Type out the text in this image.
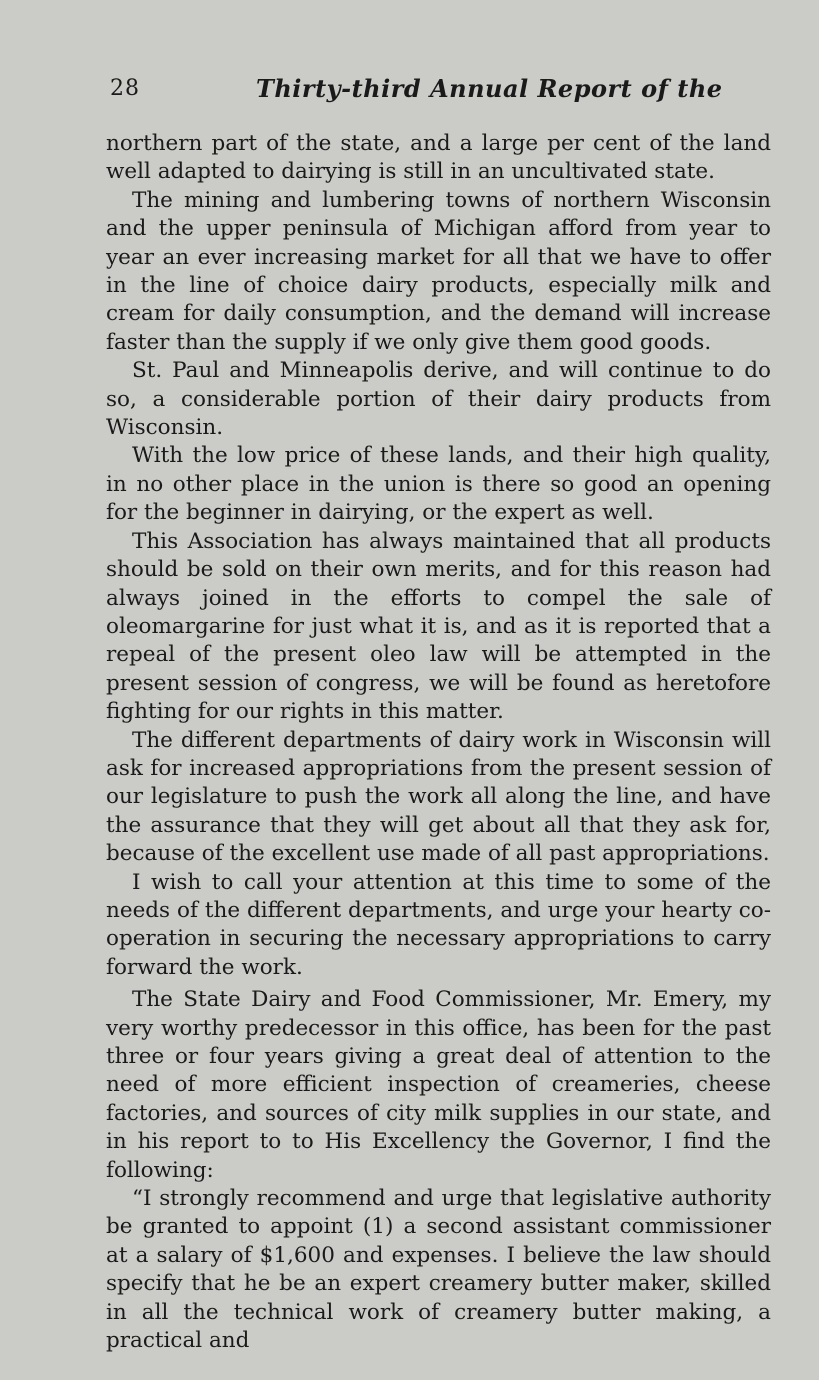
28	Thirty-third Annual Report of the

northern part of the state, and a large per cent of the land well adapted to dairying is still in an uncultivated state.

The mining and lumbering towns of northern Wisconsin and the upper peninsula of Michigan afford from year to year an ever increasing market for all that we have to offer in the line of choice dairy products, especially milk and cream for daily consumption, and the demand will increase faster than the supply if we only give them good goods.

St. Paul and Minneapolis derive, and will continue to do so, a considerable portion of their dairy products from Wisconsin.

With the low price of these lands, and their high quality, in no other place in the union is there so good an opening for the beginner in dairying, or the expert as well.

This Association has always maintained that all products should be sold on their own merits, and for this reason had always joined in the efforts to compel the sale of oleomargarine for just what it is, and as it is reported that a repeal of the present oleo law will be attempted in the present session of congress, we will be found as heretofore fighting for our rights in this matter.

The different departments of dairy work in Wisconsin will ask for increased appropriations from the present session of our legislature to push the work all along the line, and have the assurance that they will get about all that they ask for, because of the excellent use made of all past appropriations.

I wish to call your attention at this time to some of the needs of the different departments, and urge your hearty co-operation in securing the necessary appropriations to carry forward the work.

The State Dairy and Food Commissioner, Mr. Emery, my very worthy predecessor in this office, has been for the past three or four years giving a great deal of attention to the need of more efficient inspection of creameries, cheese factories, and sources of city milk supplies in our state, and in his report to to His Excellency the Governor, I find the following:

“I strongly recommend and urge that legislative authority be granted to appoint (1) a second assistant commissioner at a salary of $1,600 and expenses. I believe the law should specify that he be an expert creamery butter maker, skilled in all the technical work of creamery butter making, a practical and
